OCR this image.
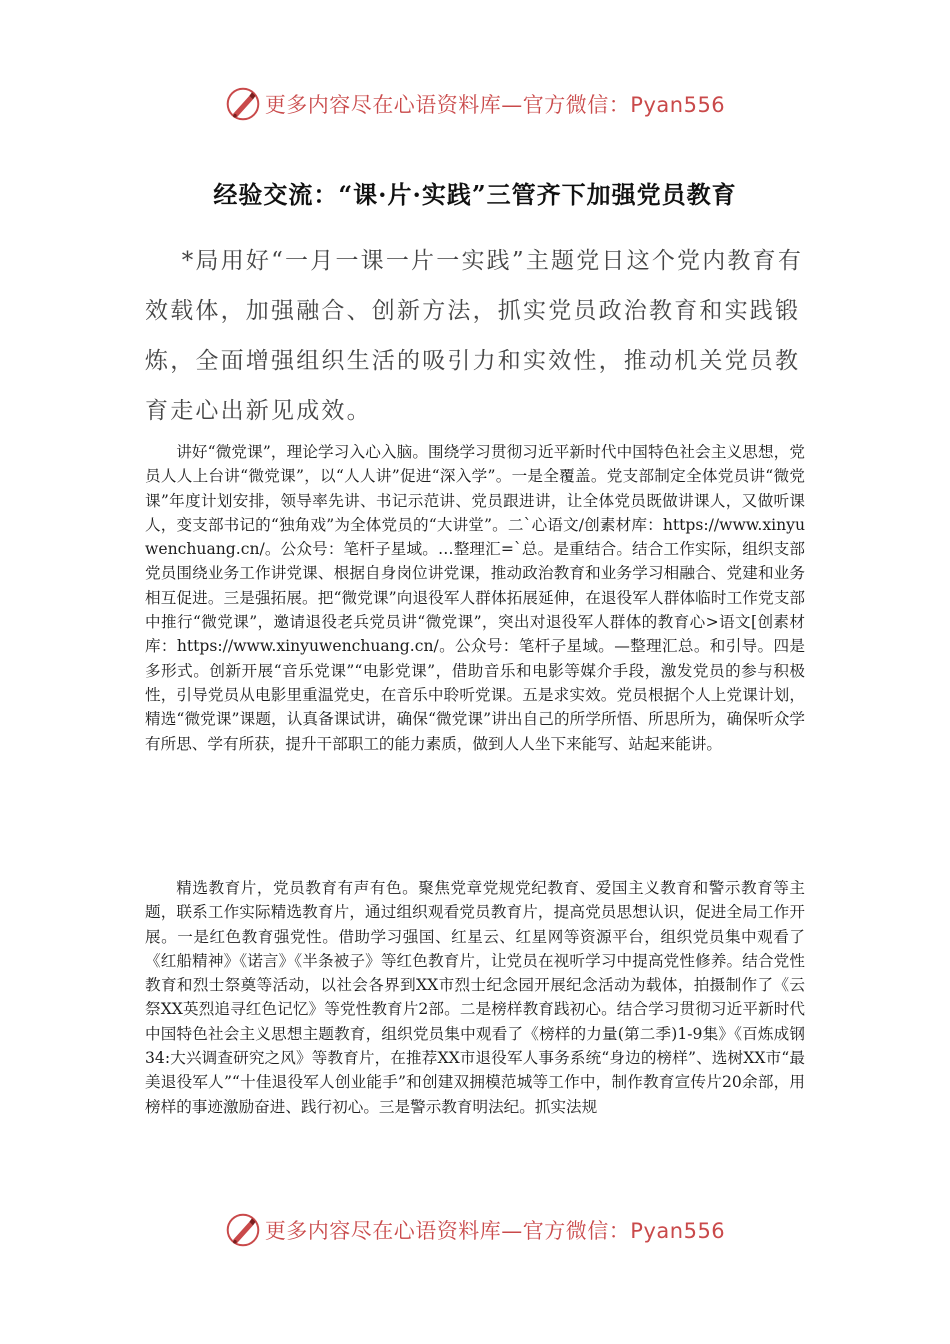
更多内容尽在心语资料库—官方微信：Pyan556
经验交流：“课·片·实践”三管齐下加强党员教育

*局用好“一月一课一片一实践”主题党日这个党内教育有效载体，加强融合、创新方法，抓实党员政治教育和实践锻炼，全面增强组织生活的吸引力和实效性，推动机关党员教育走心出新见成效。

讲好“微党课”，理论学习入心入脑。围绕学习贯彻习近平新时代中国特色社会主义思想，党员人人上台讲“微党课”，以“人人讲”促进“深入学”。一是全覆盖。党支部制定全体党员讲“微党课”年度计划安排，领导率先讲、书记示范讲、党员跟进讲，让全体党员既做讲课人，又做听课人，变支部书记的“独角戏”为全体党员的“大讲堂”。二`心语文/创素材库：https://www.xinyuwenchuang.cn/。公众号：笔杆子星域。…整理汇=`总。是重结合。结合工作实际，组织支部党员围绕业务工作讲党课、根据自身岗位讲党课，推动政治教育和业务学习相融合、党建和业务相互促进。三是强拓展。把“微党课”向退役军人群体拓展延伸，在退役军人群体临时工作党支部中推行“微党课”，邀请退役老兵党员讲“微党课”，突出对退役军人群体的教育心>语文[创素材库：https://www.xinyuwenchuang.cn/。公众号：笔杆子星域。—整理汇总。和引导。四是多形式。创新开展“音乐党课”“电影党课”，借助音乐和电影等媒介手段，激发党员的参与积极性，引导党员从电影里重温党史，在音乐中聆听党课。五是求实效。党员根据个人上党课计划，精选“微党课”课题，认真备课试讲，确保“微党课”讲出自己的所学所悟、所思所为，确保听众学有所思、学有所获，提升干部职工的能力素质，做到人人坐下来能写、站起来能讲。

精选教育片，党员教育有声有色。聚焦党章党规党纪教育、爱国主义教育和警示教育等主题，联系工作实际精选教育片，通过组织观看党员教育片，提高党员思想认识，促进全局工作开展。一是红色教育强党性。借助学习强国、红星云、红星网等资源平台，组织党员集中观看了《红船精神》《诺言》《半条被子》等红色教育片，让党员在视听学习中提高党性修养。结合党性教育和烈士祭奠等活动，以社会各界到XX市烈士纪念园开展纪念活动为载体，拍摄制作了《云祭XX英烈追寻红色记忆》等党性教育片2部。二是榜样教育践初心。结合学习贯彻习近平新时代中国特色社会主义思想主题教育，组织党员集中观看了《榜样的力量(第二季)1-9集》《百炼成钢34:大兴调查研究之风》等教育片，在推荐XX市退役军人事务系统“身边的榜样”、选树XX市“最美退役军人”“十佳退役军人创业能手”和创建双拥模范城等工作中，制作教育宣传片20余部，用榜样的事迹激励奋进、践行初心。三是警示教育明法纪。抓实法规

更多内容尽在心语资料库—官方微信：Pyan556
